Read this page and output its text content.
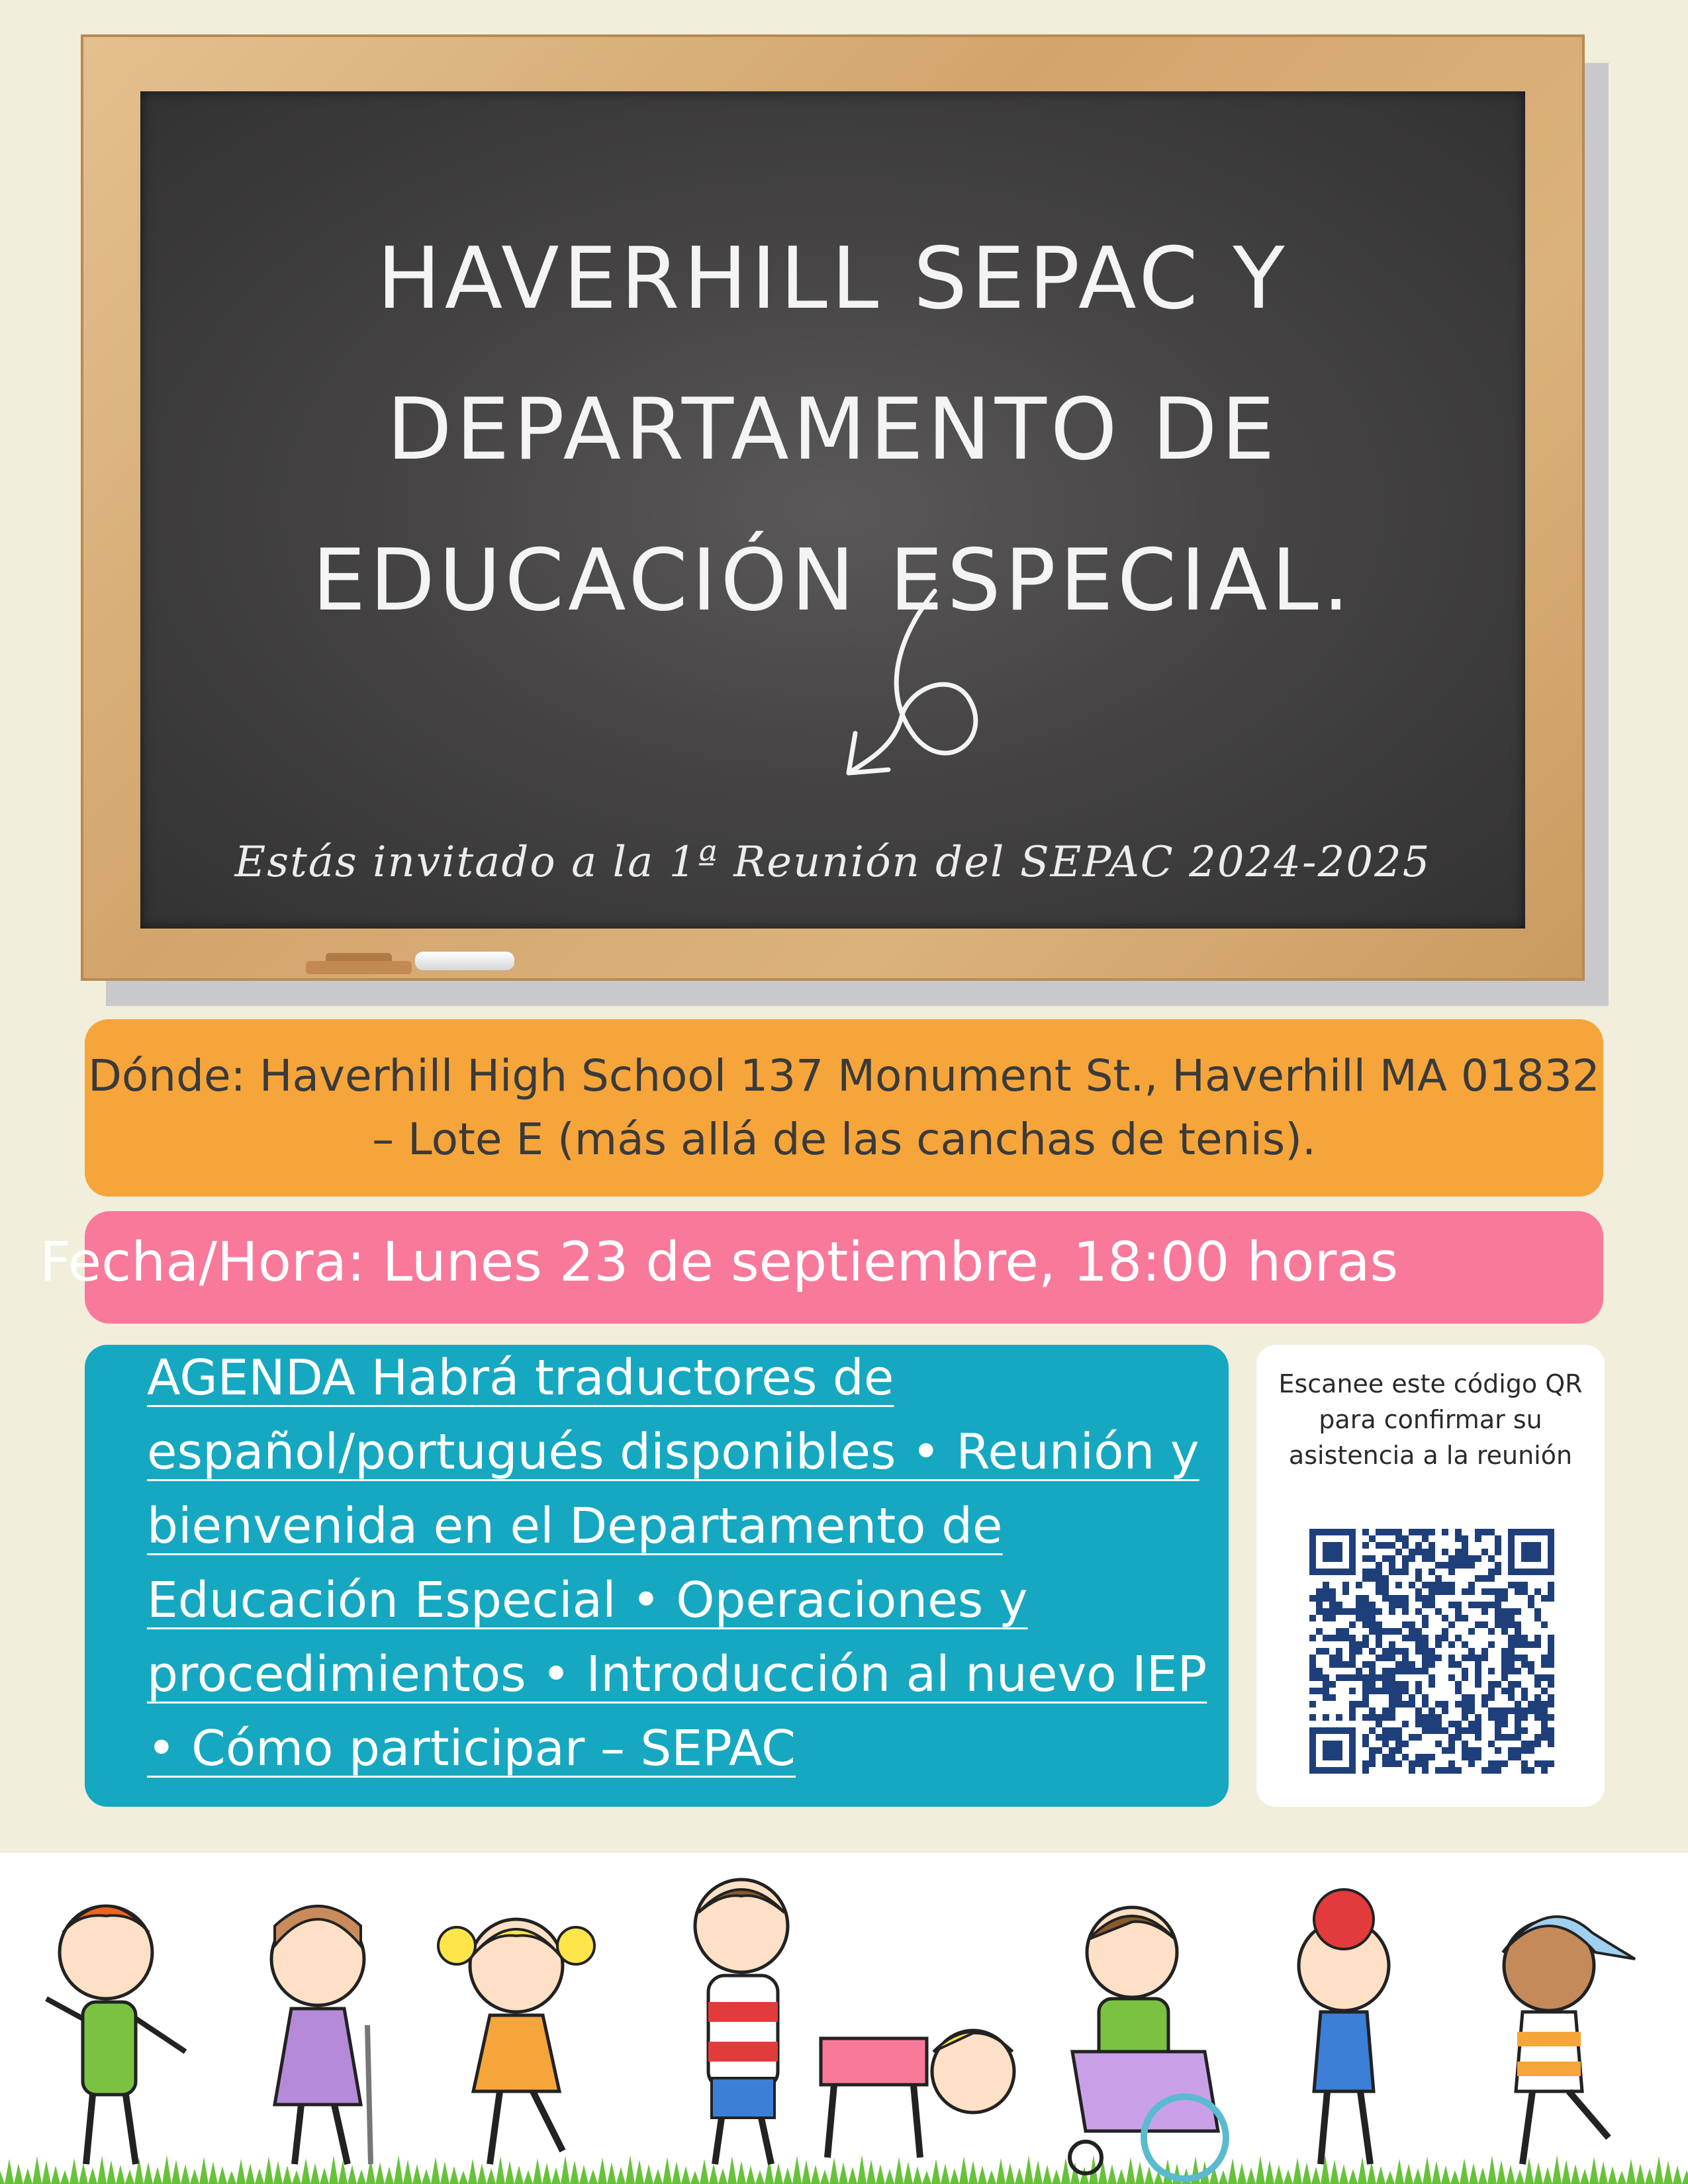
HAVERHILL SEPAC Y
DEPARTAMENTO DE
EDUCACIÓN ESPECIAL.
Estás invitado a la 1ª Reunión del SEPAC 2024-2025
Dónde: Haverhill High School 137 Monument St., Haverhill MA 01832 – Lote E (más allá de las canchas de tenis).
Fecha/Hora: Lunes 23 de septiembre, 18:00 horas
AGENDA Habrá traductores de español/portugués disponibles • Reunión y bienvenida en el Departamento de Educación Especial • Operaciones y procedimientos • Introducción al nuevo IEP • Cómo participar – SEPAC
Escanee este código QR para confirmar su asistencia a la reunión
